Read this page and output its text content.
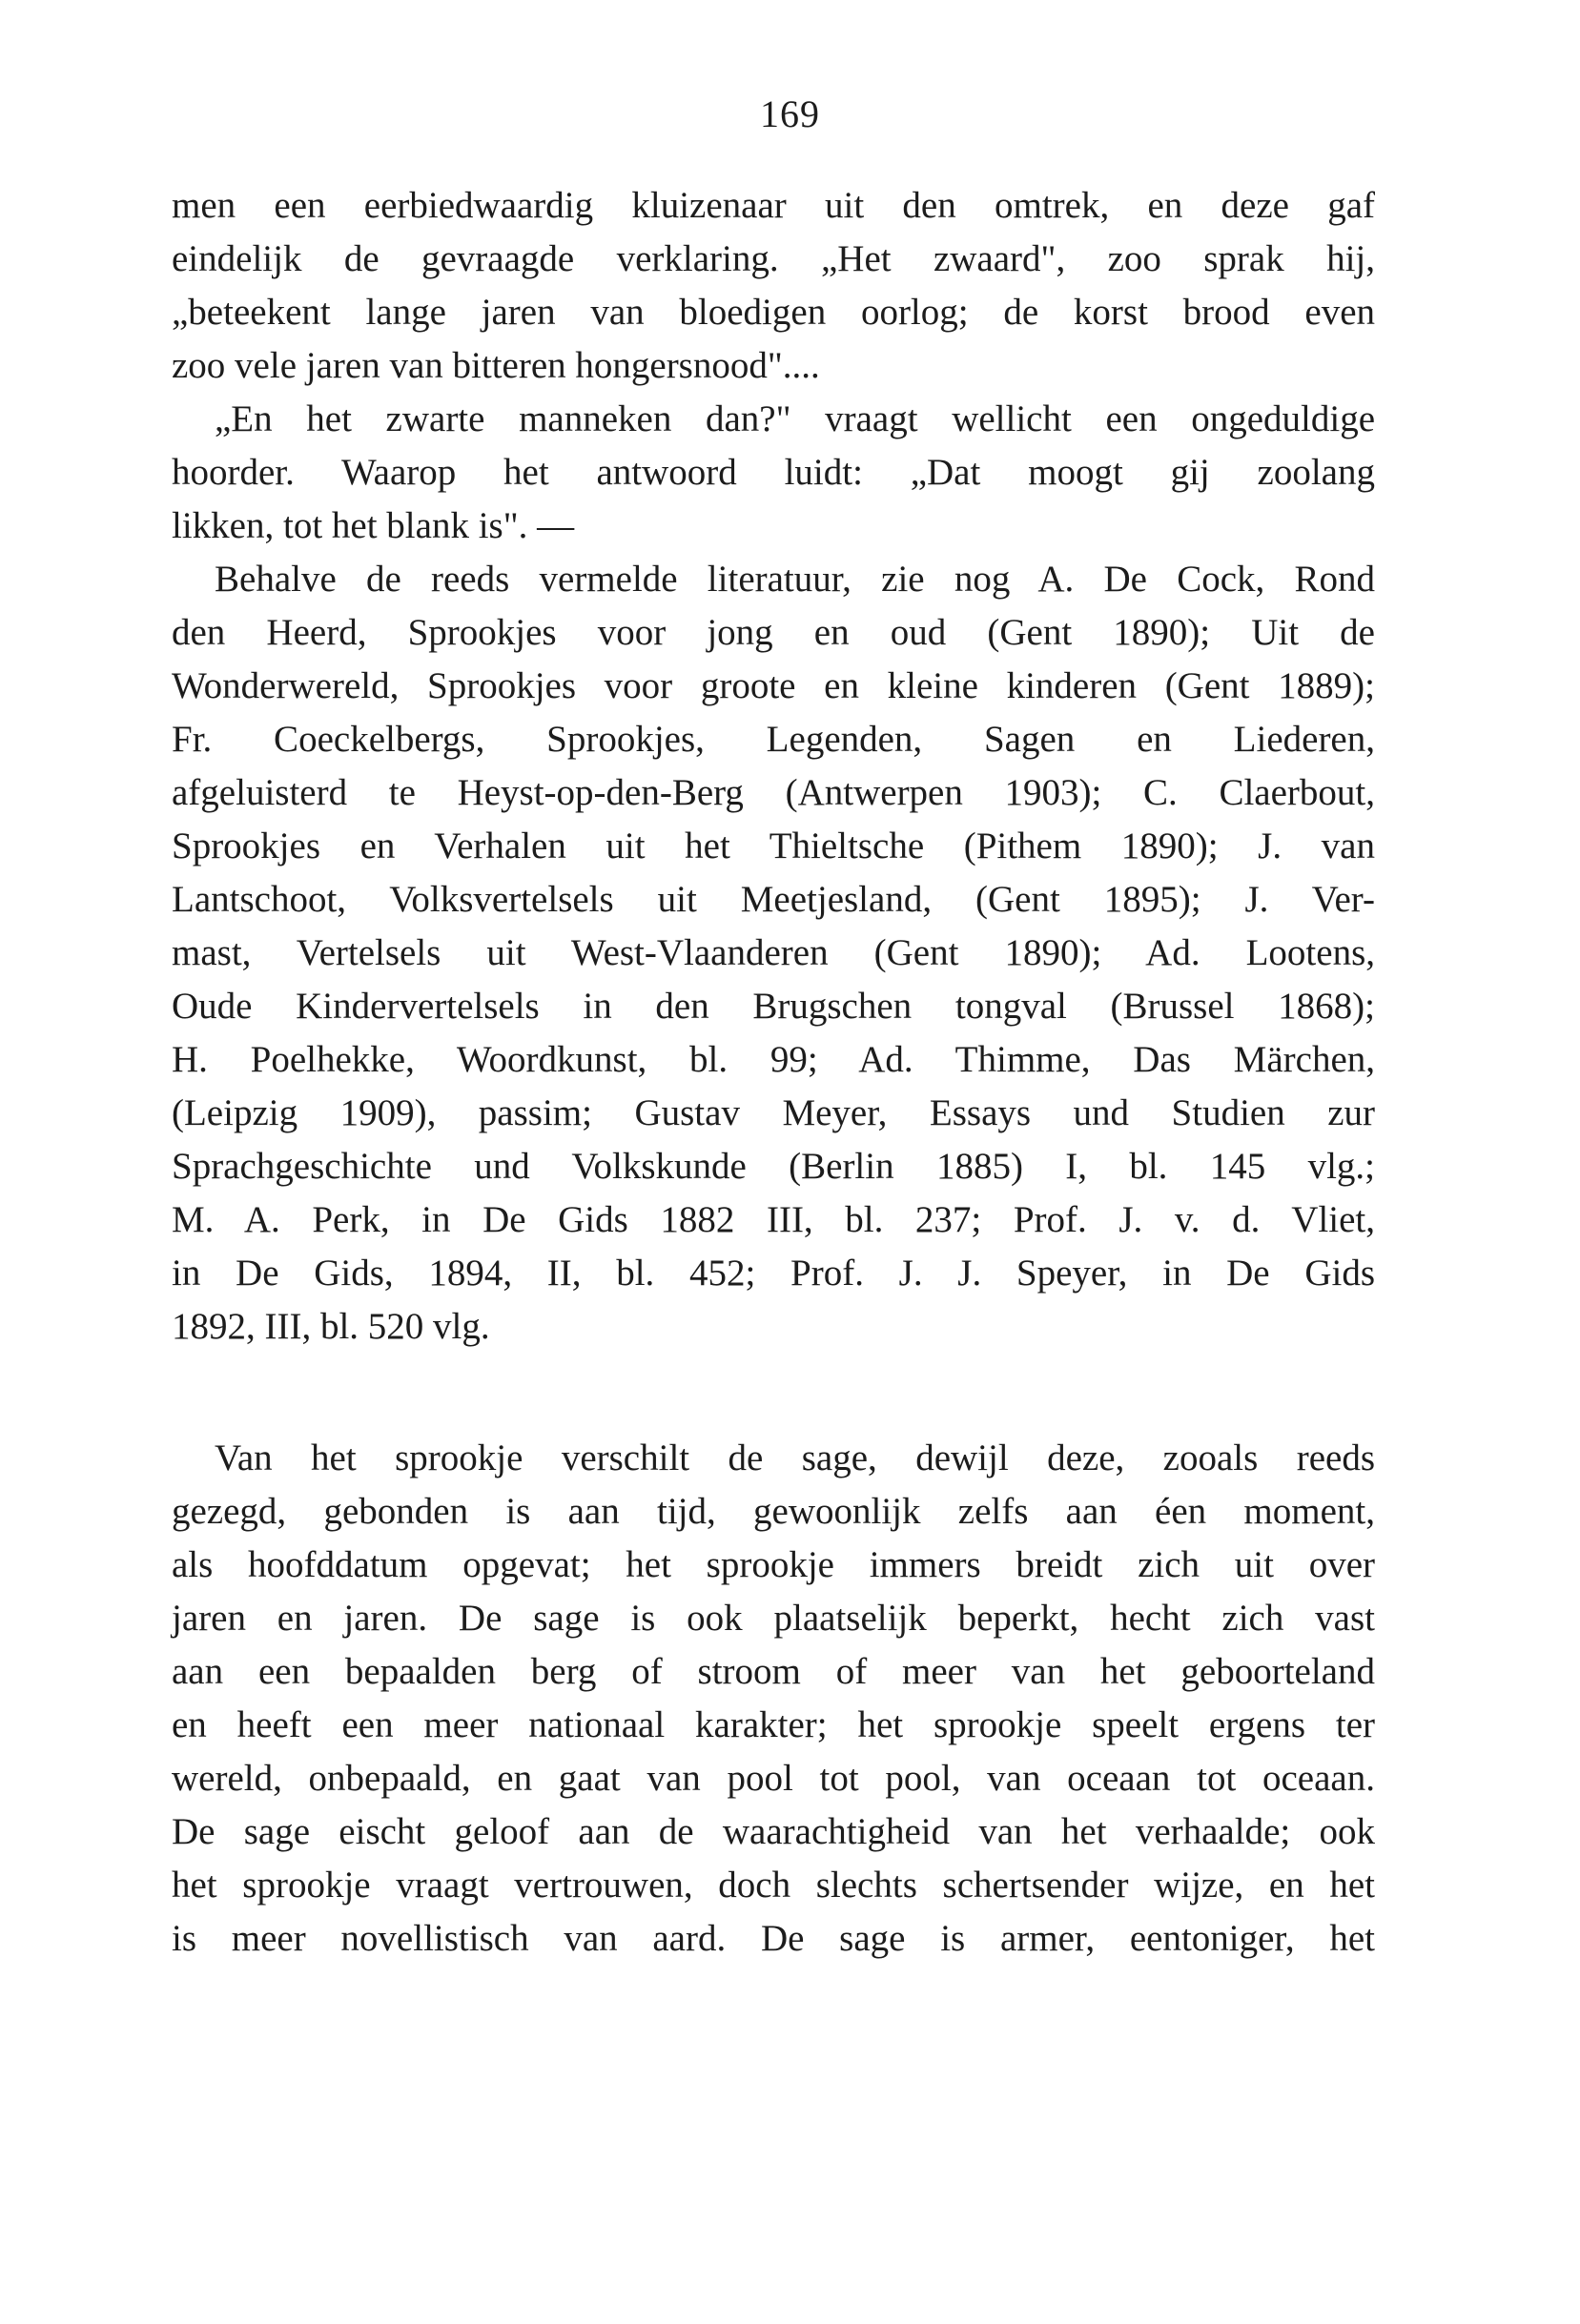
169
men een eerbiedwaardig kluizenaar uit den omtrek, en deze gaf
eindelijk de gevraagde verklaring. „Het zwaard", zoo sprak hij,
„beteekent lange jaren van bloedigen oorlog; de korst brood even
zoo vele jaren van bitteren hongersnood"....
„En het zwarte manneken dan?" vraagt wellicht een ongeduldige
hoorder. Waarop het antwoord luidt: „Dat moogt gij zoolang
likken, tot het blank is". —
Behalve de reeds vermelde literatuur, zie nog A. De Cock, Rond
den Heerd, Sprookjes voor jong en oud (Gent 1890); Uit de
Wonderwereld, Sprookjes voor groote en kleine kinderen (Gent 1889);
Fr. Coeckelbergs, Sprookjes, Legenden, Sagen en Liederen,
afgeluisterd te Heyst-op-den-Berg (Antwerpen 1903); C. Claerbout,
Sprookjes en Verhalen uit het Thieltsche (Pithem 1890); J. van
Lantschoot, Volksvertelsels uit Meetjesland, (Gent 1895); J. Ver-
mast, Vertelsels uit West-Vlaanderen (Gent 1890); Ad. Lootens,
Oude Kindervertelsels in den Brugschen tongval (Brussel 1868);
H. Poelhekke, Woordkunst, bl. 99; Ad. Thimme, Das Märchen,
(Leipzig 1909), passim; Gustav Meyer, Essays und Studien zur
Sprachgeschichte und Volkskunde (Berlin 1885) I, bl. 145 vlg.;
M. A. Perk, in De Gids 1882 III, bl. 237; Prof. J. v. d. Vliet,
in De Gids, 1894, II, bl. 452; Prof. J. J. Speyer, in De Gids
1892, III, bl. 520 vlg.
Van het sprookje verschilt de sage, dewijl deze, zooals reeds
gezegd, gebonden is aan tijd, gewoonlijk zelfs aan éen moment,
als hoofddatum opgevat; het sprookje immers breidt zich uit over
jaren en jaren. De sage is ook plaatselijk beperkt, hecht zich vast
aan een bepaalden berg of stroom of meer van het geboorteland
en heeft een meer nationaal karakter; het sprookje speelt ergens ter
wereld, onbepaald, en gaat van pool tot pool, van oceaan tot oceaan.
De sage eischt geloof aan de waarachtigheid van het verhaalde; ook
het sprookje vraagt vertrouwen, doch slechts schertsender wijze, en het
is meer novellistisch van aard. De sage is armer, eentoniger, het
